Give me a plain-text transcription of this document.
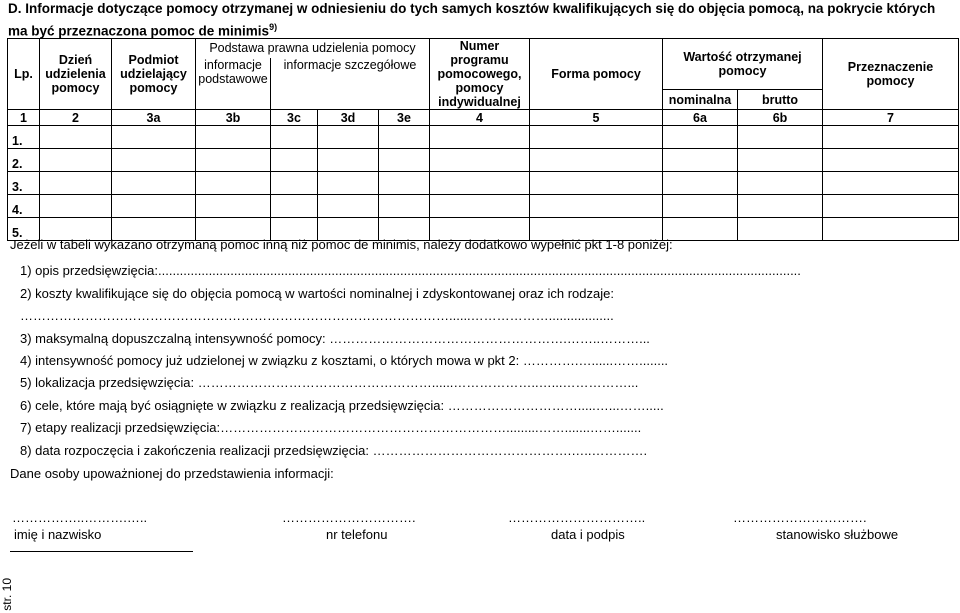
D. Informacje dotyczące pomocy otrzymanej w odniesieniu do tych samych kosztów kwalifikujących się do objęcia pomocą, na pokrycie których ma być przeznaczona pomoc de minimis$^{9)}$
Lp.	Dzień udzielenia pomocy	Podmiot udzielający pomocy	Podstawa prawna udzielenia pomocy				Numer programu pomocowego, pomocy indywidualnej	Forma pomocy	Wartość otrzymanej pomocy		Przeznaczenie pomocy
			informacje podstawowe	informacje szczegółowe							
									nominalna	brutto	
1	2	3a	3b	3c	3d	3e	4	5	6a	6b	7
1.											
2.											
3.											
4.											
5.											
Jeżeli w tabeli wykazano otrzymaną pomoc inną niż pomoc de minimis, należy dodatkowo wypełnić pkt 1-8 poniżej:
1) opis przedsięwzięcia:..................................................................................................................................................................................
2) koszty kwalifikujące się do objęcia pomocą w wartości nominalnej i zdyskontowanej oraz ich rodzaje:
………………………………………………………………………………………......………………..................
3) maksymalną dopuszczalną intensywność pomocy: ……………………………………………….……..………...
4) intensywność pomocy już udzielonej w związku z kosztami, o których mowa w pkt 2: ………….…......……........
5) lokalizacja przedsięwzięcia: ………………………………………………......………………..…...……………...
6) cele, które mają być osiągnięte w związku z realizacją przedsięwzięcia: ………………………….....…...…….....
7) etapy realizacji przedsięwzięcia:………………………………………………………….........…….......…….......
8) data rozpoczęcia i zakończenia realizacji przedsięwzięcia: ……………………………………….…..………….
Dane osoby upoważnionej do przedstawienia informacji:
……………..……….…..	………………………….	…………………………..	………………………….
imię i nazwisko	nr telefonu	data i podpis	stanowisko służbowe
str. 10
